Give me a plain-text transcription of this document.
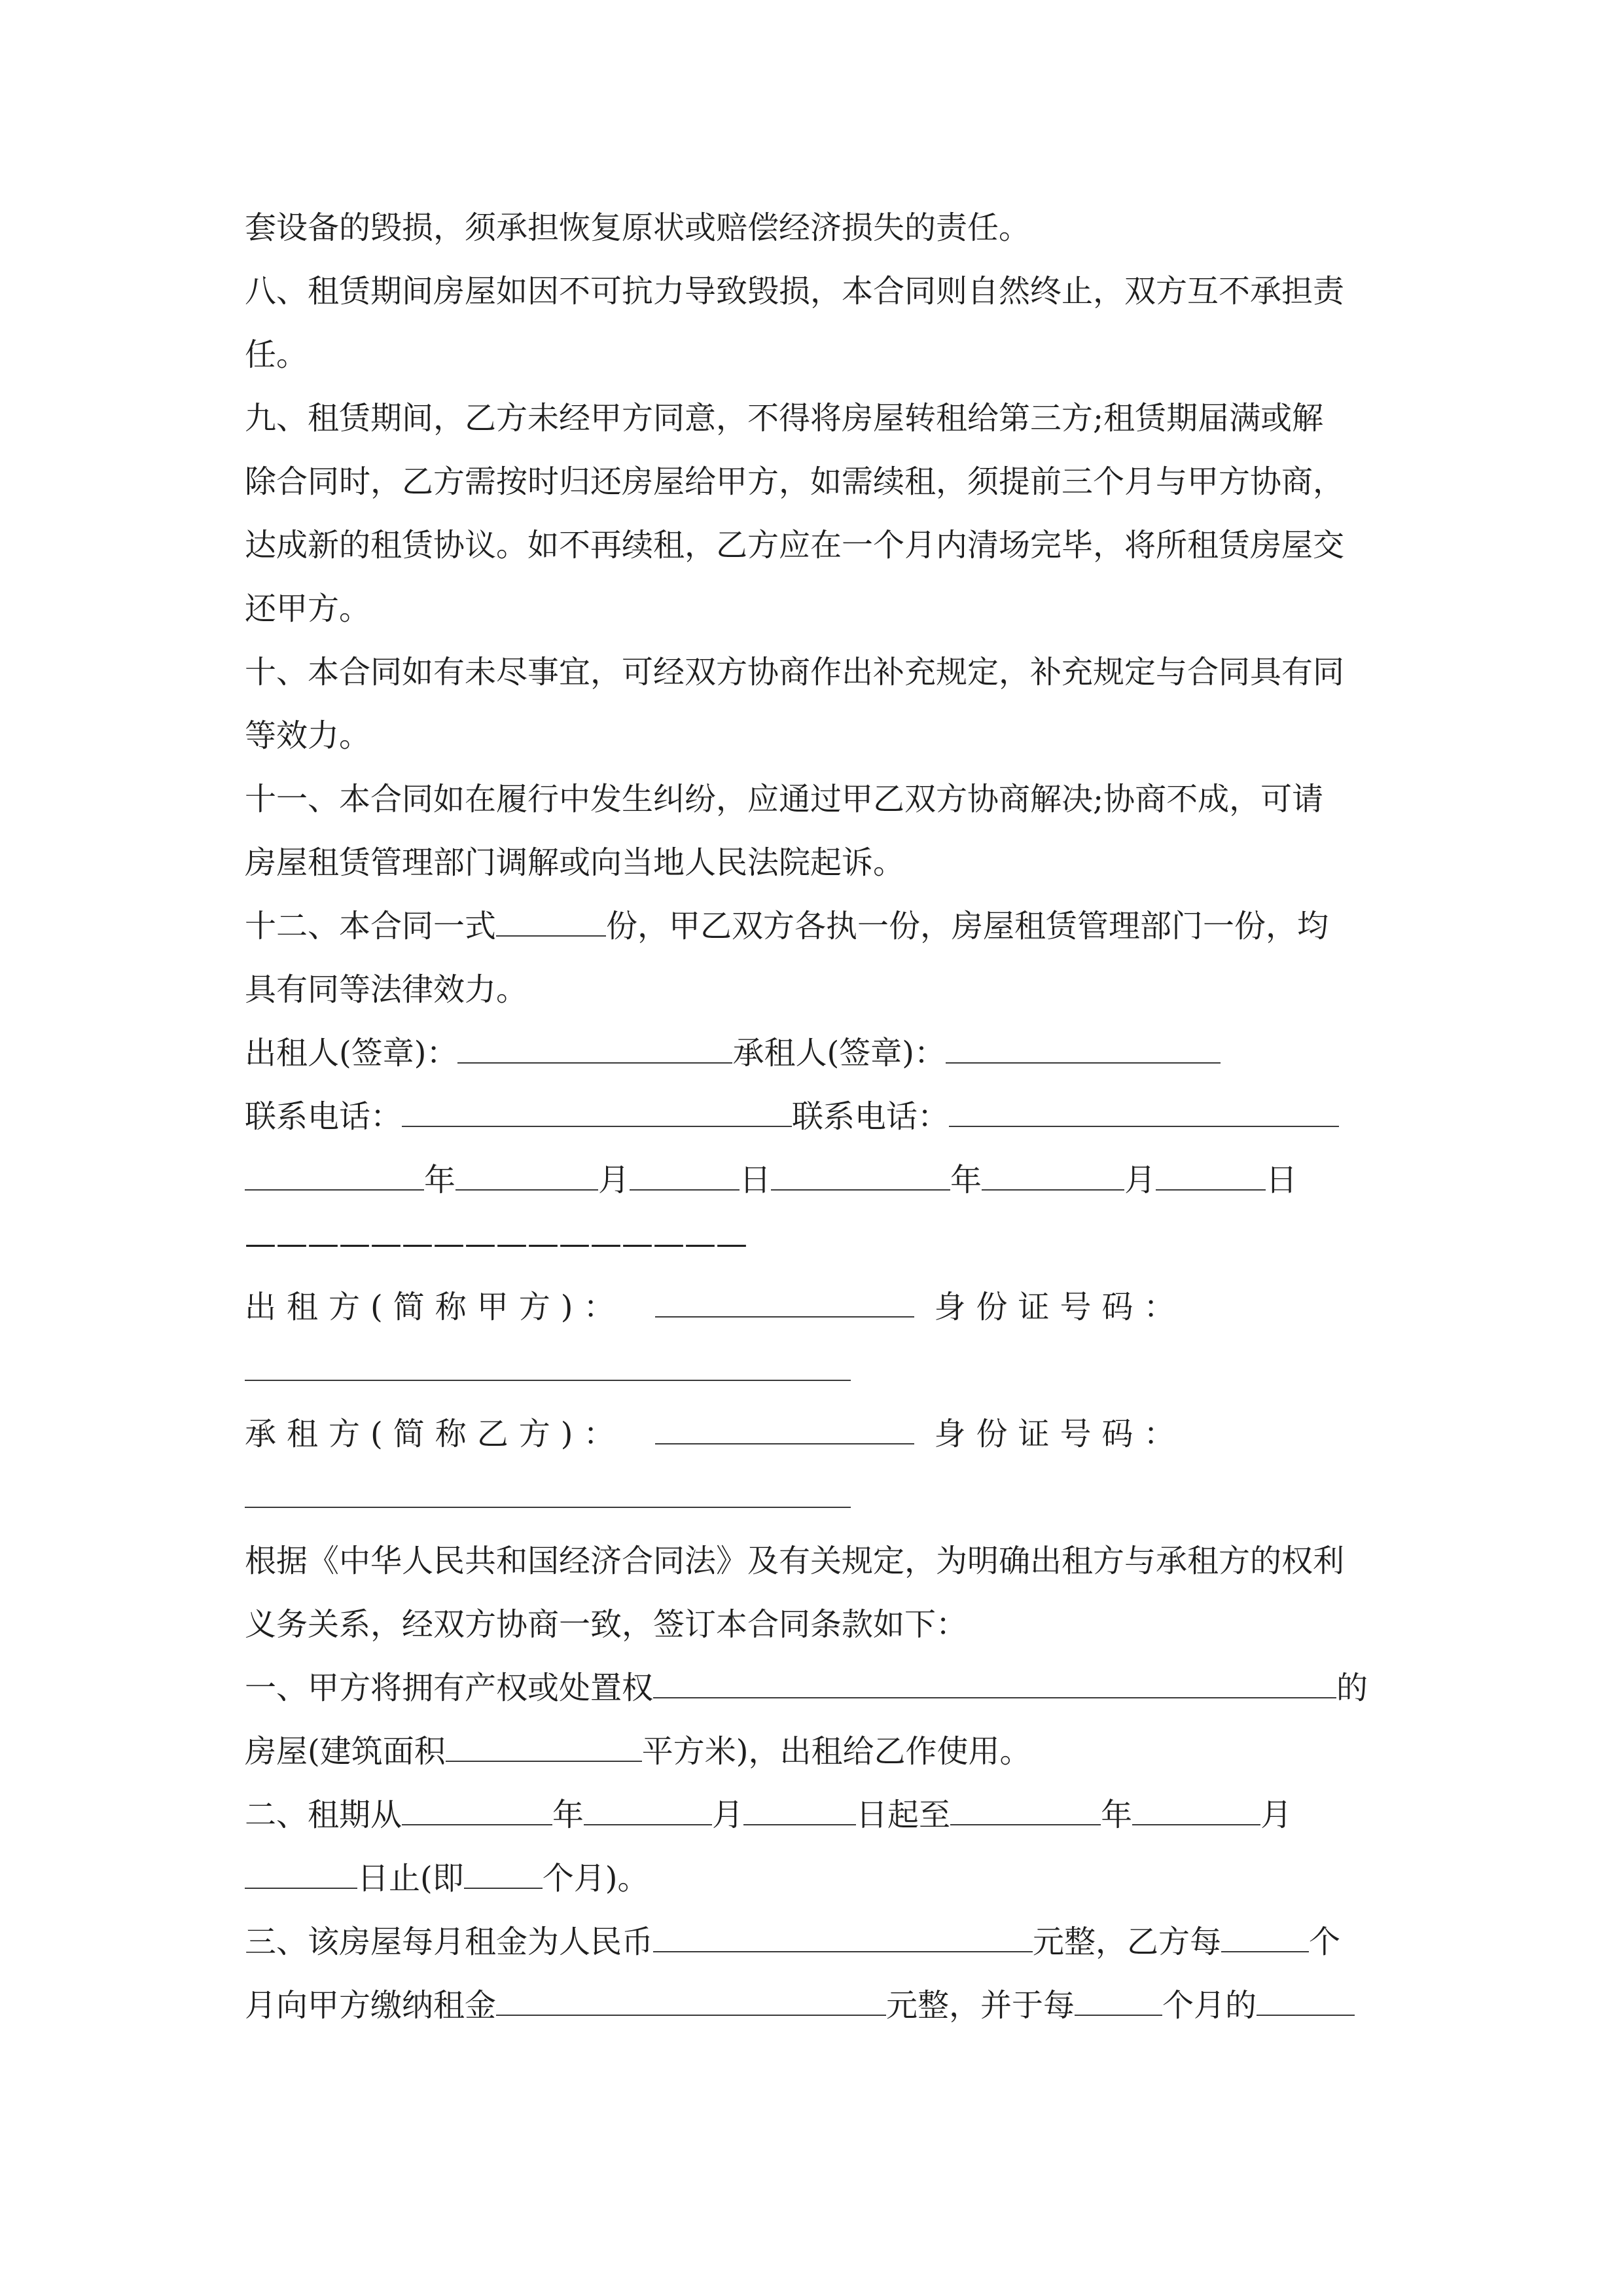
套设备的毁损，须承担恢复原状或赔偿经济损失的责任。
八、租赁期间房屋如因不可抗力导致毁损，本合同则自然终止，双方互不承担责
任。
九、租赁期间，乙方未经甲方同意，不得将房屋转租给第三方;租赁期届满或解
除合同时，乙方需按时归还房屋给甲方，如需续租，须提前三个月与甲方协商，
达成新的租赁协议。如不再续租，乙方应在一个月内清场完毕，将所租赁房屋交
还甲方。
十、本合同如有未尽事宜，可经双方协商作出补充规定，补充规定与合同具有同
等效力。
十一、本合同如在履行中发生纠纷，应通过甲乙双方协商解决;协商不成，可请
房屋租赁管理部门调解或向当地人民法院起诉。
十二、本合同一式	份，甲乙双方各执一份，房屋租赁管理部门一份，均
具有同等法律效力。
出租人(签章)：	承租人(签章)：
联系电话：	联系电话：
年	月	日	年	月	日
————————————————
出租方(简称甲方)：	身份证号码：
承租方(简称乙方)：	身份证号码：
根据《中华人民共和国经济合同法》及有关规定，为明确出租方与承租方的权利
义务关系，经双方协商一致，签订本合同条款如下：
一、甲方将拥有产权或处置权	的
房屋(建筑面积	平方米)，出租给乙作使用。
二、租期从	年	月	日起至	年	月
日止(即	个月)。
三、该房屋每月租金为人民币	元整，乙方每	个
月向甲方缴纳租金	元整，并于每	个月的
